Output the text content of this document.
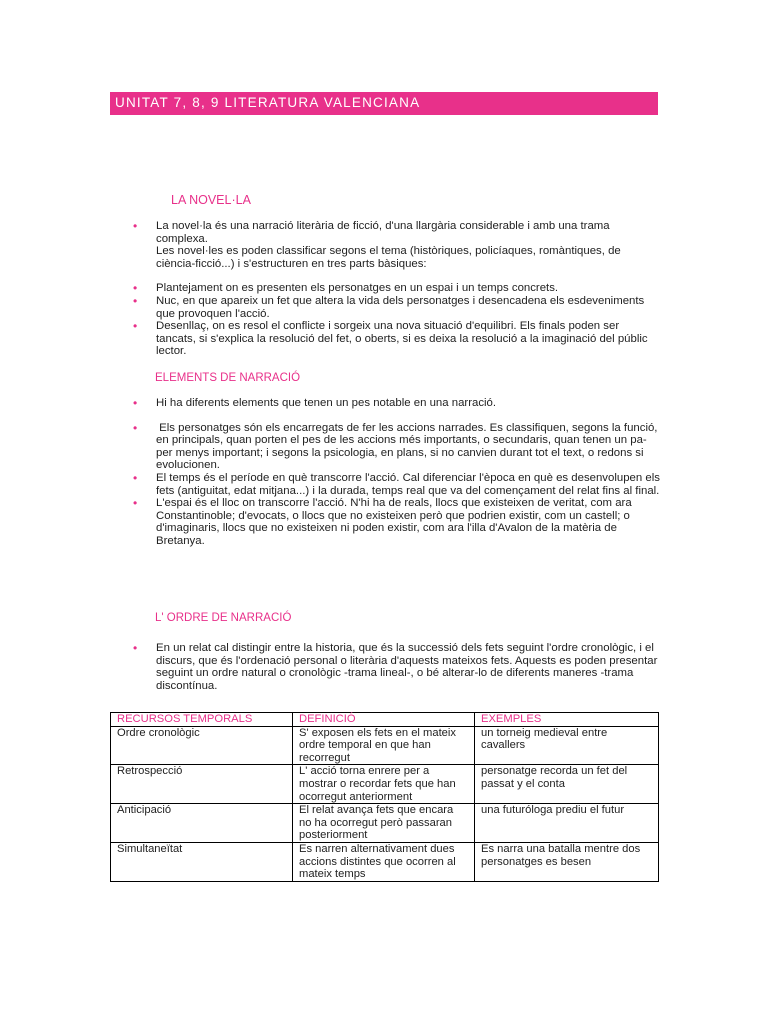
UNITAT 7, 8, 9 LITERATURA VALENCIANA
LA NOVEL·LA
• La novel·la és una narració literària de ficció, d'una llargària considerable i amb una trama complexa.

Les novel·les es poden classificar segons el tema (històriques, policíaques, romàntiques, de ciència-ficció...) i s'estructuren en tres parts bàsiques:

• Plantejament on es presenten els personatges en un espai i un temps concrets.

• Nuc, en que apareix un fet que altera la vida dels personatges i desencadena els esdeveniments que provoquen l'acció.

• Desenllaç, on es resol el conflicte i sorgeix una nova situació d'equilibri. Els finals poden ser tancats, si s'explica la resolució del fet, o oberts, si es deixa la resolució a la imaginació del públic lector.

ELEMENTS DE NARRACIÓ
• Hi ha diferents elements que tenen un pes notable en una narració.

• Els personatges són els encarregats de fer les accions narrades. Es classifiquen, segons la funció, en principals, quan porten el pes de les accions més importants, o secundaris, quan tenen un pa-per menys important; i segons la psicologia, en plans, si no canvien durant tot el text, o redons si evolucionen.

• El temps és el període en què transcorre l'acció. Cal diferenciar l'època en què es desenvolupen els fets (antiguitat, edat mitjana...) i la durada, temps real que va del començament del relat fins al final.

• L'espai és el lloc on transcorre l'acció. N'hi ha de reals, llocs que existeixen de veritat, com ara Constantinoble; d'evocats, o llocs que no existeixen però que podrien existir, com un castell; o d'imaginaris, llocs que no existeixen ni poden existir, com ara l'illa d'Avalon de la matèria de Bretanya.

L' ORDRE DE NARRACIÓ
• En un relat cal distingir entre la historia, que és la successió dels fets seguint l'ordre cronològic, i el discurs, que és l'ordenació personal o literària d'aquests mateixos fets. Aquests es poden presentar seguint un ordre natural o cronològic -trama lineal-, o bé alterar-lo de diferents maneres -trama discontínua.

RECURSOS TEMPORALS	DEFINICIÓ	EXEMPLES
Ordre cronològic	S' exposen els fets en el mateix ordre temporal en que han recorregut	un torneig medieval entre cavallers
Retrospecció	L' acció torna enrere per a mostrar o recordar fets que han ocorregut anteriorment	personatge recorda un fet del passat y el conta
Anticipació	El relat avança fets que encara no ha ocorregut però passaran posteriorment	una futuróloga prediu el futur
Simultaneïtat	Es narren alternativament dues accions distintes que ocorren al mateix temps	Es narra una batalla mentre dos personatges es besen
